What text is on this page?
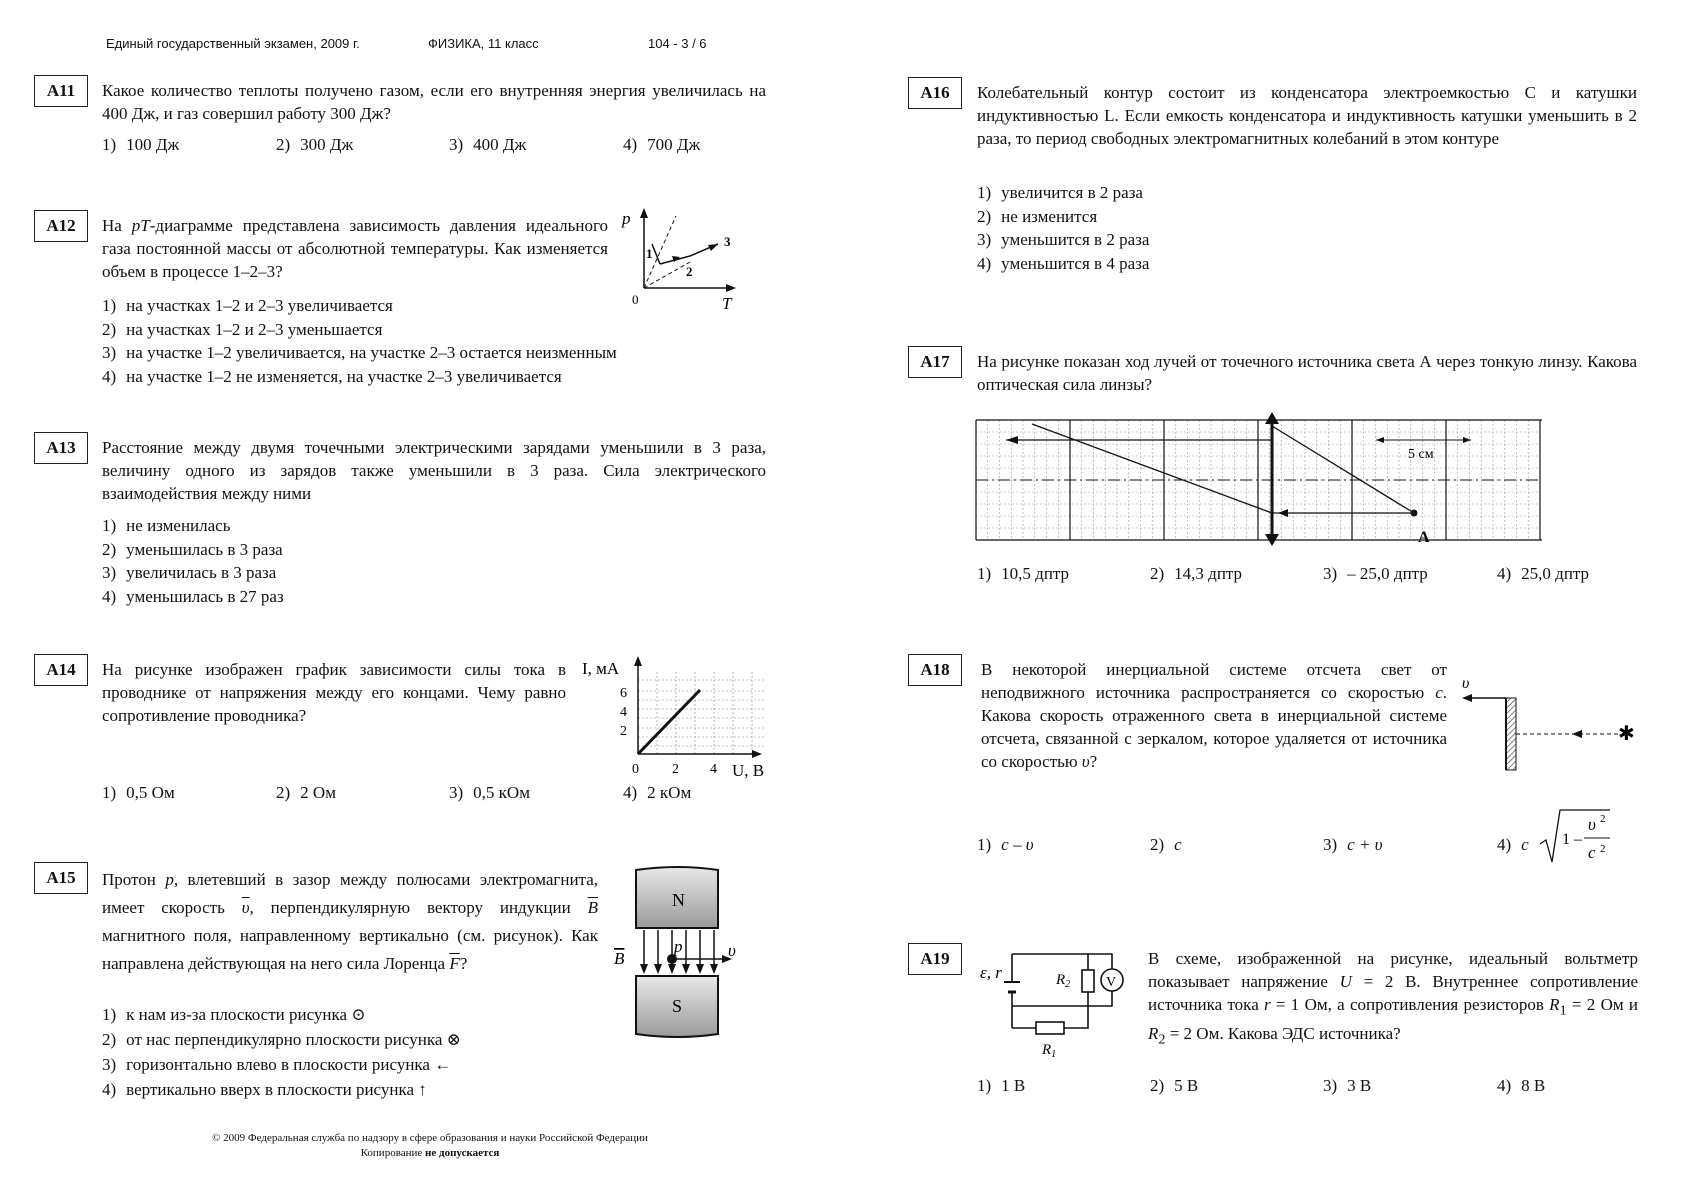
Единый государственный экзамен, 2009 г.	ФИЗИКА, 11 класс	104 - 3 / 6
A11	Какое количество теплоты получено газом, если его внутренняя энергия увеличилась на 400 Дж, и газ совершил работу 300 Дж?
1) 100 Дж	2) 300 Дж	3) 400 Дж	4) 700 Дж
A12	На pT-диаграмме представлена зависимость давления идеального газа постоянной массы от абсолютной температуры. Как изменяется объем в процессе 1–2–3?
p
T
0
1
2
3
1) на участках 1–2 и 2–3 увеличивается
2) на участках 1–2 и 2–3 уменьшается
3) на участке 1–2 увеличивается, на участке 2–3 остается неизменным
4) на участке 1–2 не изменяется, на участке 2–3 увеличивается
A13	Расстояние между двумя точечными электрическими зарядами уменьшили в 3 раза, величину одного из зарядов также уменьшили в 3 раза. Сила электрического взаимодействия между ними
1) не изменилась
2) уменьшилась в 3 раза
3) увеличилась в 3 раза
4) уменьшилась в 27 раз
A14	На рисунке изображен график зависимости силы тока в проводнике от напряжения между его концами. Чему равно сопротивление проводника?
I, мА
U, В
6
4
2
0 2 4
1) 0,5 Ом	2) 2 Ом	3) 0,5 кОм	4) 2 кОм
A15	Протон p, влетевший в зазор между полюсами электромагнита, имеет скорость $\overline{\upsilon}$, перпендикулярную вектору индукции $\overline{B}$ магнитного поля, направленному вертикально (см. рисунок). Как направлена действующая на него сила Лоренца $\overline{F}$?
N
S
B
p	υ
1) к нам из-за плоскости рисунка ⊙
2) от нас перпендикулярно плоскости рисунка ⊗
3) горизонтально влево в плоскости рисунка ←
4) вертикально вверх в плоскости рисунка ↑
A16	Колебательный контур состоит из конденсатора электроемкостью C и катушки индуктивностью L. Если емкость конденсатора и индуктивность катушки уменьшить в 2 раза, то период свободных электромагнитных колебаний в этом контуре
1) увеличится в 2 раза
2) не изменится
3) уменьшится в 2 раза
4) уменьшится в 4 раза
A17	На рисунке показан ход лучей от точечного источника света А через тонкую линзу. Какова оптическая сила линзы?
5 см
A
1) 10,5 дптр	2) 14,3 дптр	3) – 25,0 дптр	4) 25,0 дптр
A18	В некоторой инерциальной системе отсчета свет от неподвижного источника распространяется со скоростью c. Какова скорость отраженного света в инерциальной системе отсчета, связанной с зеркалом, которое удаляется от источника со скоростью υ?
υ
✱
1) c – υ	2) c	3) c + υ	4) c 1 –
υ 2
c 2
A19
V
ε, r	$R_2$
$R_1$
В схеме, изображенной на рисунке, идеальный вольтметр показывает напряжение U = 2 В. Внутреннее сопротивление источника тока r = 1 Ом, а сопротивления резисторов $R_1 = 2$ Ом и $R_2 = 2$ Ом. Какова ЭДС источника?
1) 1 В	2) 5 В	3) 3 В	4) 8 В
© 2009 Федеральная служба по надзору в сфере образования и науки Российской Федерации
Копирование не допускается
